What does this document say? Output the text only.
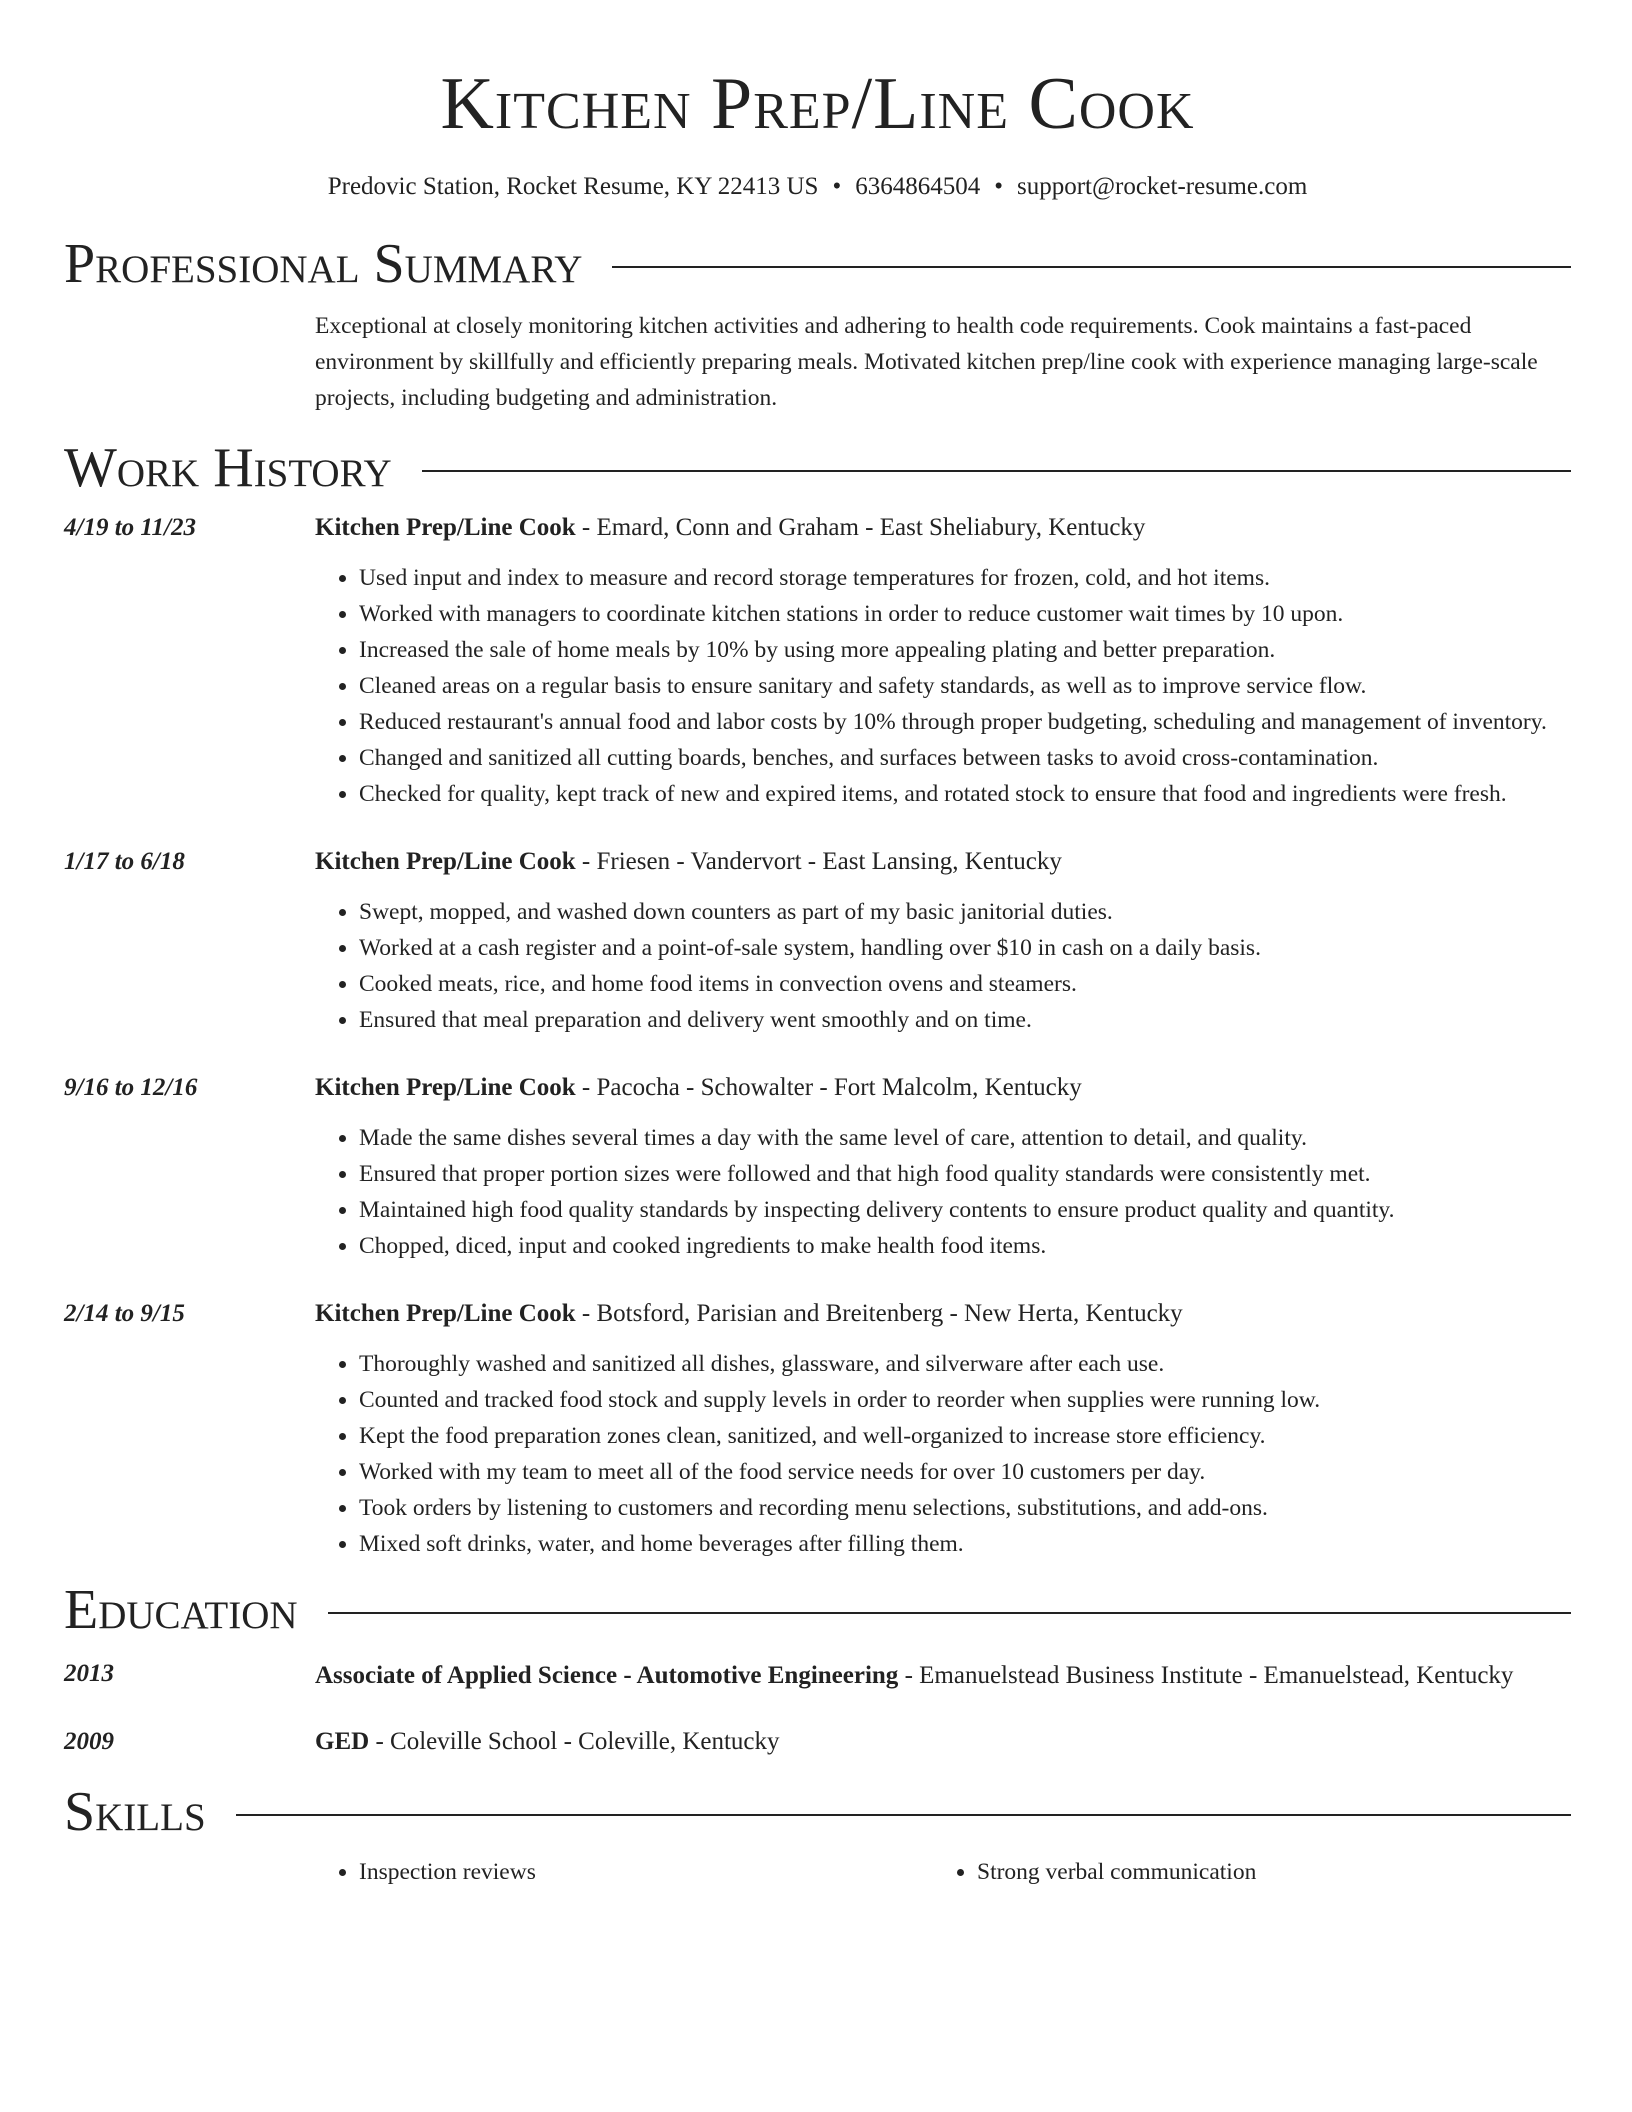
Kitchen Prep/Line Cook
Predovic Station, Rocket Resume, KY 22413 US • 6364864504 • support@rocket-resume.com
Professional Summary
Exceptional at closely monitoring kitchen activities and adhering to health code requirements. Cook maintains a fast-paced environment by skillfully and efficiently preparing meals. Motivated kitchen prep/line cook with experience managing large-scale projects, including budgeting and administration.
Work History
4/19 to 11/23	Kitchen Prep/Line Cook - Emard, Conn and Graham - East Sheliabury, Kentucky
• Used input and index to measure and record storage temperatures for frozen, cold, and hot items.
• Worked with managers to coordinate kitchen stations in order to reduce customer wait times by 10 upon.
• Increased the sale of home meals by 10% by using more appealing plating and better preparation.
• Cleaned areas on a regular basis to ensure sanitary and safety standards, as well as to improve service flow.
• Reduced restaurant's annual food and labor costs by 10% through proper budgeting, scheduling and management of inventory.
• Changed and sanitized all cutting boards, benches, and surfaces between tasks to avoid cross-contamination.
• Checked for quality, kept track of new and expired items, and rotated stock to ensure that food and ingredients were fresh.
1/17 to 6/18	Kitchen Prep/Line Cook - Friesen - Vandervort - East Lansing, Kentucky
• Swept, mopped, and washed down counters as part of my basic janitorial duties.
• Worked at a cash register and a point-of-sale system, handling over $10 in cash on a daily basis.
• Cooked meats, rice, and home food items in convection ovens and steamers.
• Ensured that meal preparation and delivery went smoothly and on time.
9/16 to 12/16	Kitchen Prep/Line Cook - Pacocha - Schowalter - Fort Malcolm, Kentucky
• Made the same dishes several times a day with the same level of care, attention to detail, and quality.
• Ensured that proper portion sizes were followed and that high food quality standards were consistently met.
• Maintained high food quality standards by inspecting delivery contents to ensure product quality and quantity.
• Chopped, diced, input and cooked ingredients to make health food items.
2/14 to 9/15	Kitchen Prep/Line Cook - Botsford, Parisian and Breitenberg - New Herta, Kentucky
• Thoroughly washed and sanitized all dishes, glassware, and silverware after each use.
• Counted and tracked food stock and supply levels in order to reorder when supplies were running low.
• Kept the food preparation zones clean, sanitized, and well-organized to increase store efficiency.
• Worked with my team to meet all of the food service needs for over 10 customers per day.
• Took orders by listening to customers and recording menu selections, substitutions, and add-ons.
• Mixed soft drinks, water, and home beverages after filling them.
Education
2013	Associate of Applied Science - Automotive Engineering - Emanuelstead Business Institute - Emanuelstead, Kentucky
2009	GED - Coleville School - Coleville, Kentucky
Skills
• Inspection reviews
•	Strong verbal communication
